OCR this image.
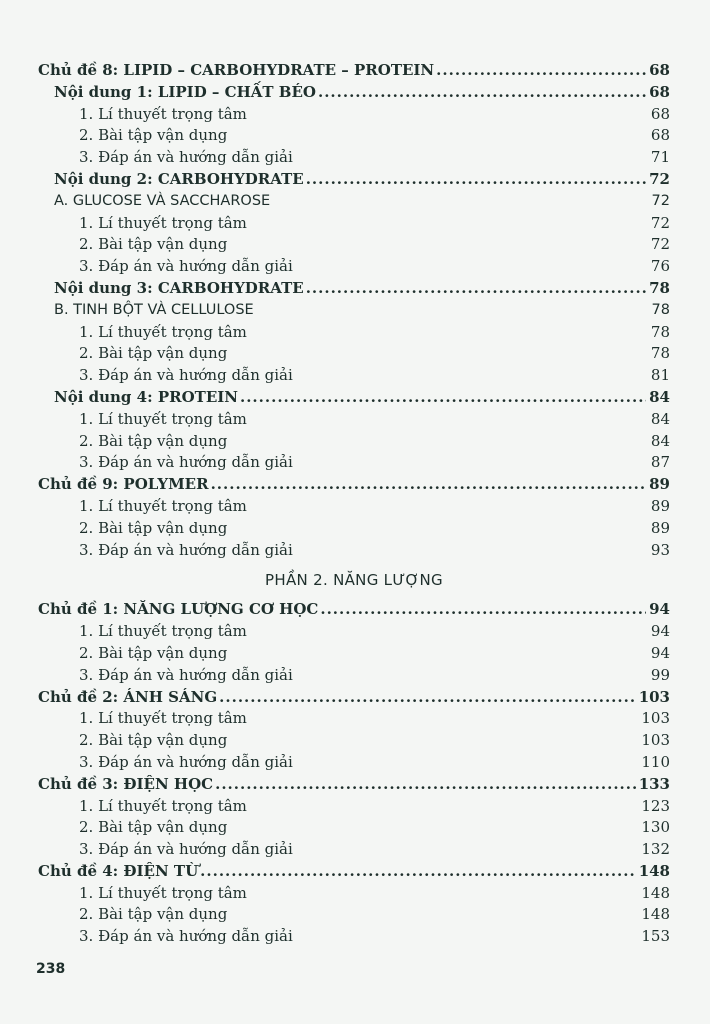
Chủ đề 8: LIPID – CARBOHYDRATE – PROTEIN .....	68
Nội dung 1: LIPID – CHẤT BÉO .....	68
1. Lí thuyết trọng tâm	68
2. Bài tập vận dụng	68
3. Đáp án và hướng dẫn giải	71
Nội dung 2: CARBOHYDRATE .....	72
A. GLUCOSE VÀ SACCHAROSE	72
1. Lí thuyết trọng tâm	72
2. Bài tập vận dụng	72
3. Đáp án và hướng dẫn giải	76
Nội dung 3: CARBOHYDRATE .....	78
B. TINH BỘT VÀ CELLULOSE	78
1. Lí thuyết trọng tâm	78
2. Bài tập vận dụng	78
3. Đáp án và hướng dẫn giải	81
Nội dung 4: PROTEIN .....	84
1. Lí thuyết trọng tâm	84
2. Bài tập vận dụng	84
3. Đáp án và hướng dẫn giải	87
Chủ đề 9: POLYMER .....	89
1. Lí thuyết trọng tâm	89
2. Bài tập vận dụng	89
3. Đáp án và hướng dẫn giải	93
PHẦN 2. NĂNG LƯỢNG
Chủ đề 1: NĂNG LƯỢNG CƠ HỌC .....	94
1. Lí thuyết trọng tâm	94
2. Bài tập vận dụng	94
3. Đáp án và hướng dẫn giải	99
Chủ đề 2: ÁNH SÁNG .....	103
1. Lí thuyết trọng tâm	103
2. Bài tập vận dụng	103
3. Đáp án và hướng dẫn giải	110
Chủ đề 3: ĐIỆN HỌC .....	133
1. Lí thuyết trọng tâm	123
2. Bài tập vận dụng	130
3. Đáp án và hướng dẫn giải	132
Chủ đề 4: ĐIỆN TỪ .....	148
1. Lí thuyết trọng tâm	148
2. Bài tập vận dụng	148
3. Đáp án và hướng dẫn giải	153
238
